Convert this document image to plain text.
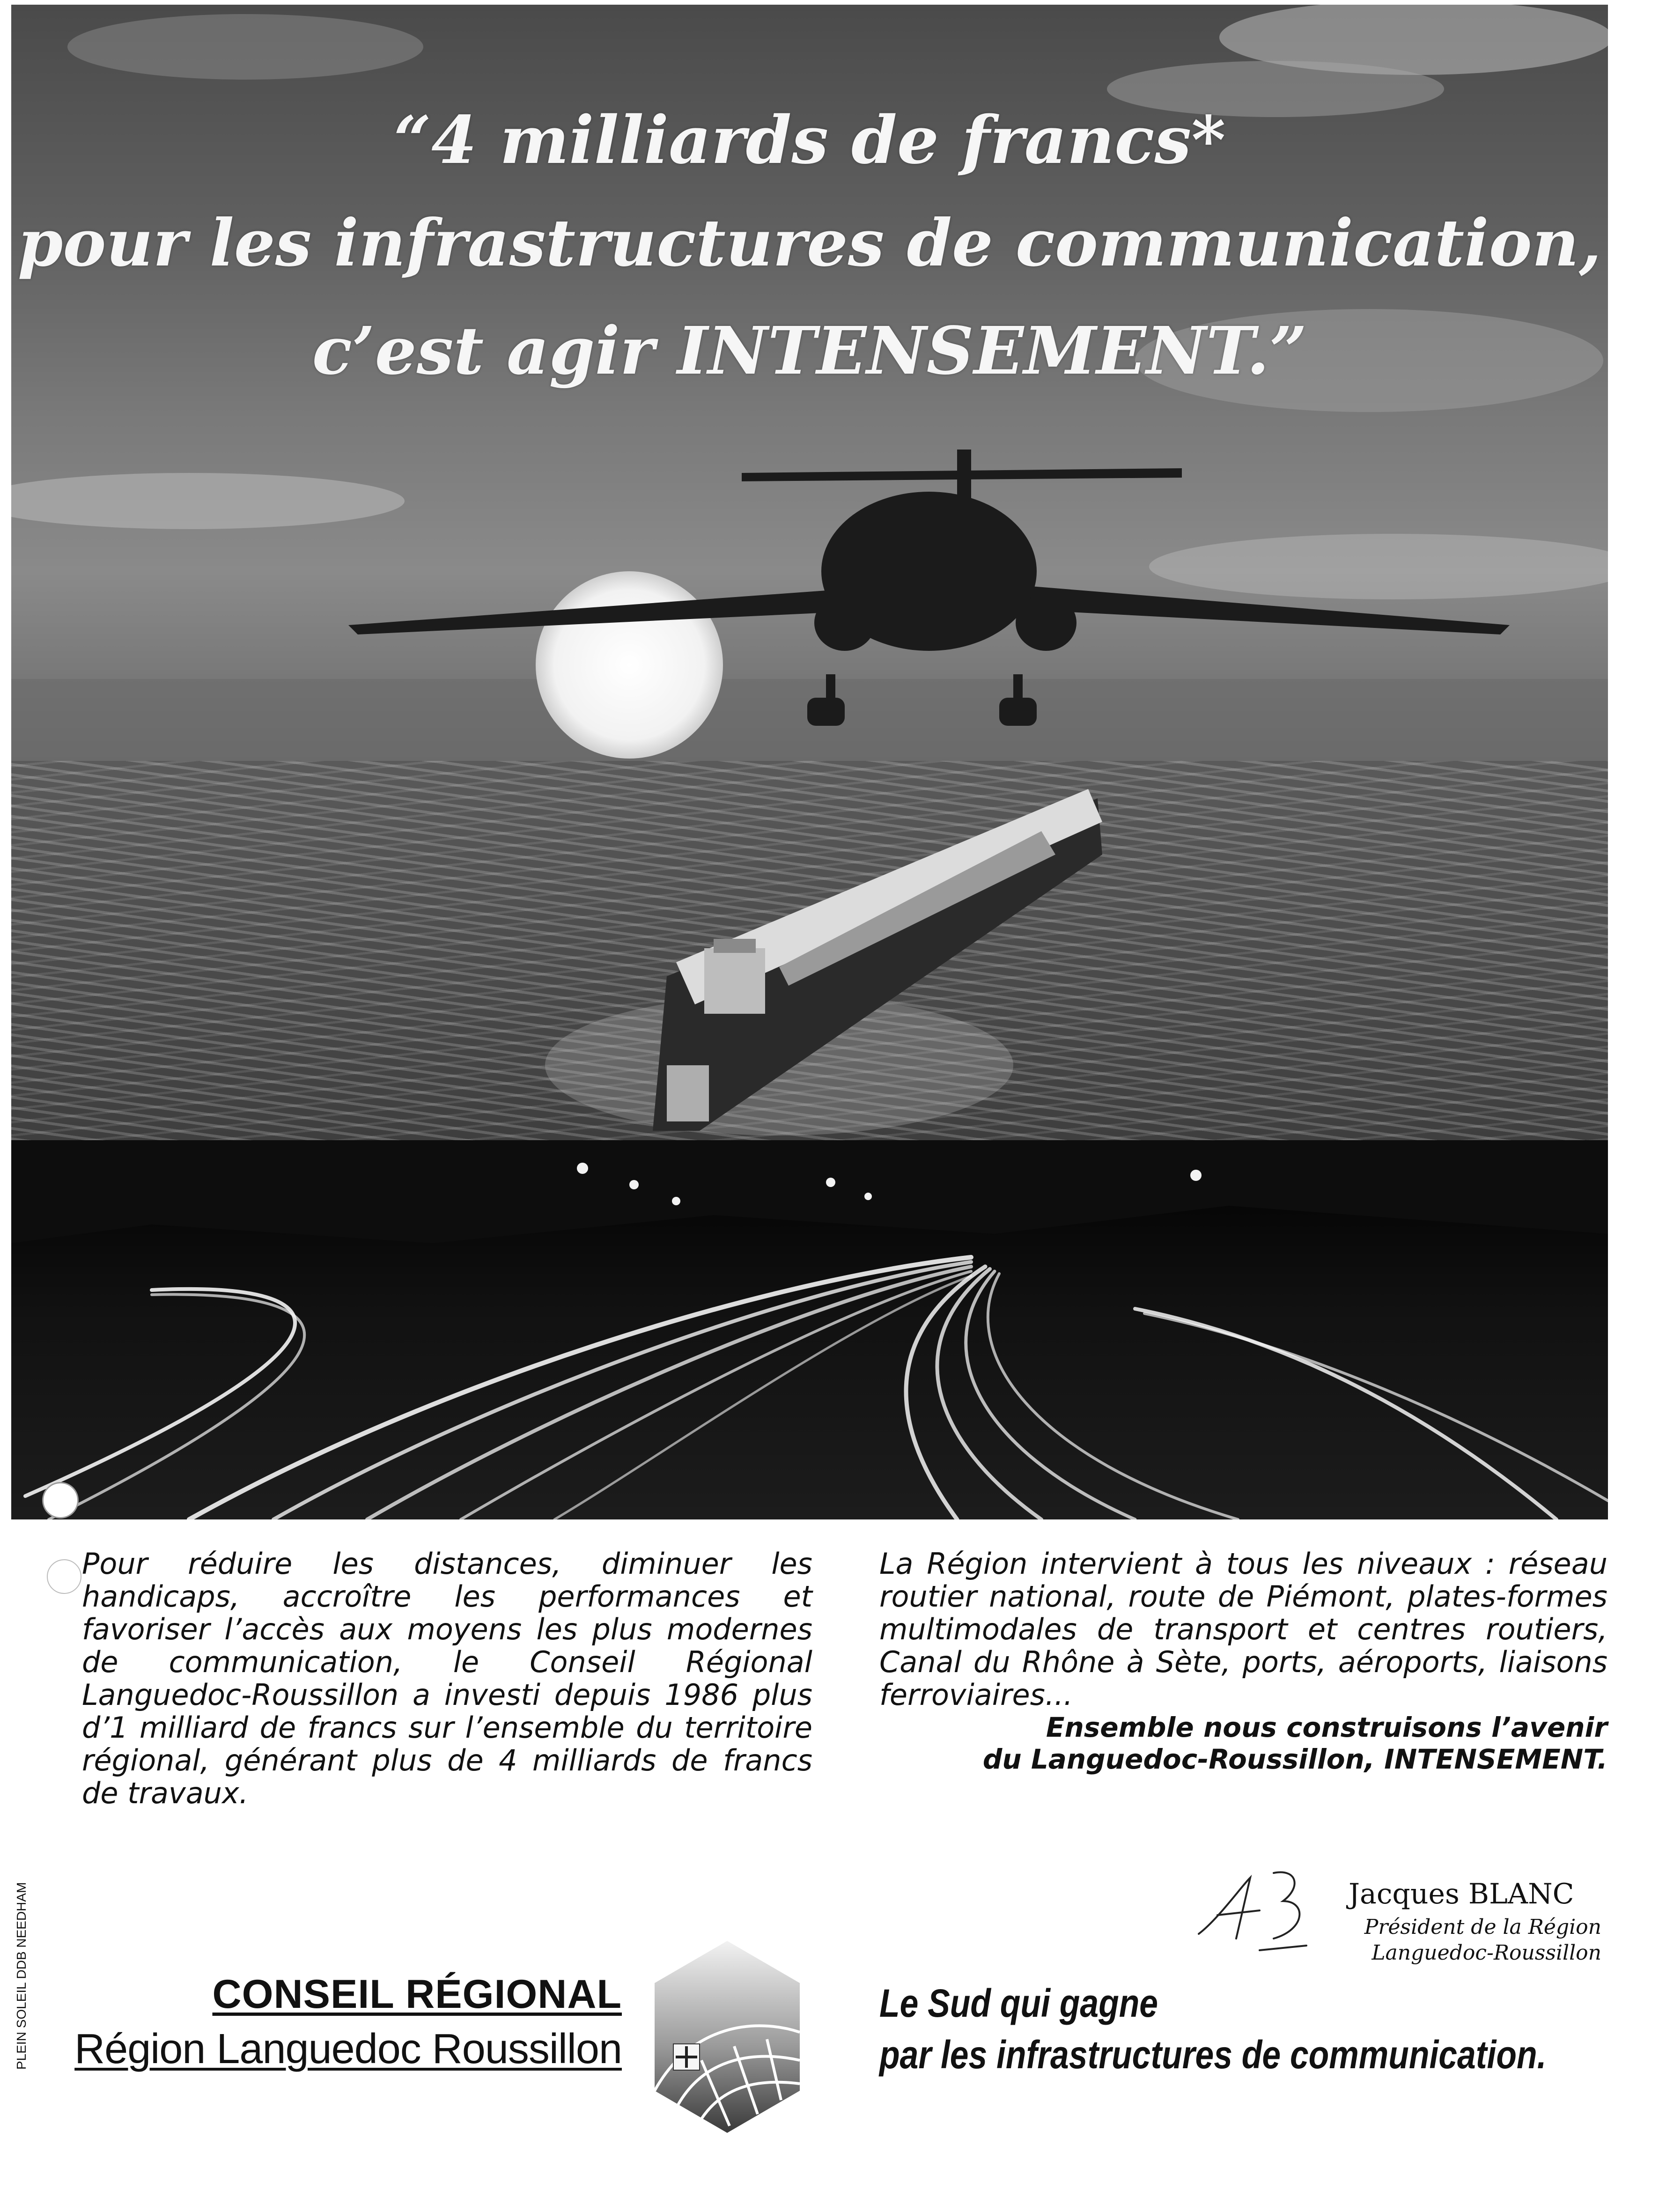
“4 milliards de francs*
pour les infrastructures de communication,
c’est agir INTENSEMENT.”
Pour réduire les distances, diminuer les handicaps, accroître les performances et favoriser l’accès aux moyens les plus modernes de communication, le Conseil Régional Languedoc-Roussillon a investi depuis 1986 plus d’1 milliard de francs sur l’ensemble du territoire régional, générant plus de 4 milliards de francs de travaux.
La Région intervient à tous les niveaux : réseau routier national, route de Piémont, plates-formes multimodales de transport et centres routiers, Canal du Rhône à Sète, ports, aéroports, liaisons ferroviaires...
Ensemble nous construisons l’avenir
du Languedoc-Roussillon, INTENSEMENT.
Jacques BLANC
Président de la Région
Languedoc-Roussillon
CONSEIL RÉGIONAL
Région Languedoc Roussillon
Le Sud qui gagne
par les infrastructures de communication.
PLEIN SOLEIL DDB NEEDHAM
